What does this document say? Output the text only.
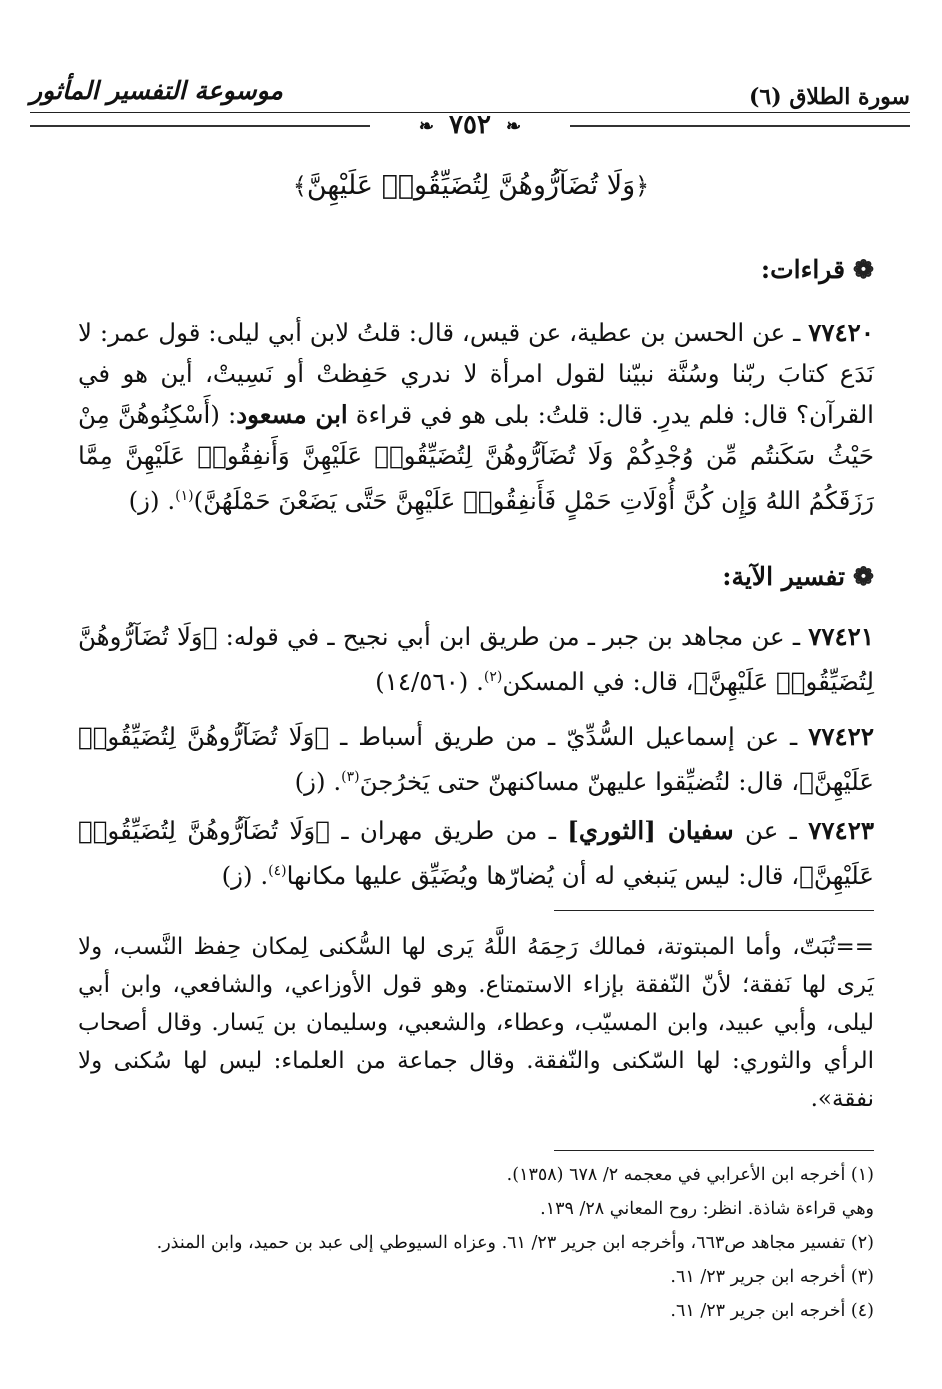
سورة الطلاق (٦)
موسوعة التفسير المأثور
❧ ٧٥٢ ❧
﴿وَلَا تُضَآرُّوهُنَّ لِتُضَيِّقُوا۟ عَلَيْهِنَّ﴾
❁قراءات:
٧٧٤٢٠ ـ عن الحسن بن عطية، عن قيس، قال: قلتُ لابن أبي ليلى: قول عمر: لا نَدَع كتابَ ربّنا وسُنَّة نبيّنا لقول امرأة لا ندري حَفِظتْ أو نَسِيتْ، أين هو في القرآن؟ قال: فلم يدرِ. قال: قلتُ: بلى هو في قراءة ابن مسعود: (أَسْكِنُوهُنَّ مِنْ حَيْثُ سَكَنتُم مِّن وُجْدِكُمْ وَلَا تُضَآرُّوهُنَّ لِتُضَيِّقُوا۟ عَلَيْهِنَّ وَأَنفِقُوا۟ عَلَيْهِنَّ مِمَّا رَزَقَكُمُ اللهُ وَإِن كُنَّ أُوْلَاتِ حَمْلٍ فَأَنفِقُوا۟ عَلَيْهِنَّ حَتَّى يَضَعْنَ حَمْلَهُنَّ)$^{(١)}$. (ز)
❁تفسير الآية:
٧٧٤٢١ ـ عن مجاهد بن جبر ـ من طريق ابن أبي نجيح ـ في قوله: ﴿وَلَا تُضَآرُّوهُنَّ لِتُضَيِّقُوا۟ عَلَيْهِنَّ﴾، قال: في المسكن$^{(٢)}$. (١٤/٥٦٠)
٧٧٤٢٢ ـ عن إسماعيل السُّدِّيّ ـ من طريق أسباط ـ ﴿وَلَا تُضَآرُّوهُنَّ لِتُضَيِّقُوا۟ عَلَيْهِنَّ﴾، قال: لتُضيِّقوا عليهنّ مساكنهنّ حتى يَخرُجنَ$^{(٣)}$. (ز)
٧٧٤٢٣ ـ عن سفيان [الثوري] ـ من طريق مهران ـ ﴿وَلَا تُضَآرُّوهُنَّ لِتُضَيِّقُوا۟ عَلَيْهِنَّ﴾، قال: ليس يَنبغي له أن يُضارّها ويُضَيِّق عليها مكانها$^{(٤)}$. (ز)
==تُبَتّ، وأما المبتوتة، فمالك رَحِمَهُ اللَّهُ يَرى لها السُّكنى لِمكان حِفظ النَّسب، ولا يَرى لها نَفقة؛ لأنّ النّفقة بإزاء الاستمتاع. وهو قول الأوزاعي، والشافعي، وابن أبي ليلى، وأبي عبيد، وابن المسيّب، وعطاء، والشعبي، وسليمان بن يَسار. وقال أصحاب الرأي والثوري: لها السّكنى والنّفقة. وقال جماعة من العلماء: ليس لها سُكنى ولا نفقة».
(١) أخرجه ابن الأعرابي في معجمه ٢/ ٦٧٨ (١٣٥٨).
وهي قراءة شاذة. انظر: روح المعاني ٢٨/ ١٣٩.
(٢) تفسير مجاهد ص٦٦٣، وأخرجه ابن جرير ٢٣/ ٦١. وعزاه السيوطي إلى عبد بن حميد، وابن المنذر.
(٣) أخرجه ابن جرير ٢٣/ ٦١.
(٤) أخرجه ابن جرير ٢٣/ ٦١.
